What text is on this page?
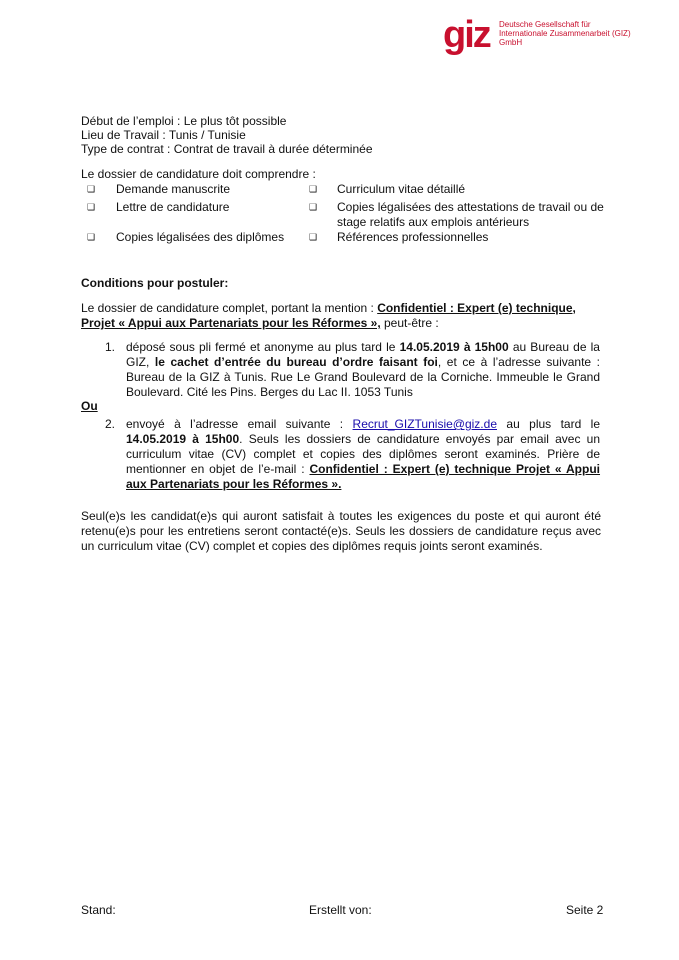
giz Deutsche Gesellschaft für Internationale Zusammenarbeit (GIZ) GmbH
Début de l’emploi : Le plus tôt possible
Lieu de Travail : Tunis / Tunisie
Type de contrat : Contrat de travail à durée déterminée
Le dossier de candidature doit comprendre :
❑ Demande manuscrite	❑ Curriculum vitae détaillé
❑ Lettre de candidature	❑ Copies légalisées des attestations de travail ou de stage relatifs aux emplois antérieurs
❑ Copies légalisées des diplômes	❑ Références professionnelles
Conditions pour postuler:
Le dossier de candidature complet, portant la mention : Confidentiel : Expert (e) technique, Projet « Appui aux Partenariats pour les Réformes », peut-être :
1. déposé sous pli fermé et anonyme au plus tard le 14.05.2019 à 15h00 au Bureau de la GIZ, le cachet d’entrée du bureau d’ordre faisant foi, et ce à l’adresse suivante : Bureau de la GIZ à Tunis. Rue Le Grand Boulevard de la Corniche. Immeuble le Grand Boulevard. Cité les Pins. Berges du Lac II. 1053 Tunis
Ou
2. envoyé à l’adresse email suivante : Recrut_GIZTunisie@giz.de au plus tard le 14.05.2019 à 15h00. Seuls les dossiers de candidature envoyés par email avec un curriculum vitae (CV) complet et copies des diplômes seront examinés. Prière de mentionner en objet de l’e-mail : Confidentiel : Expert (e) technique Projet « Appui aux Partenariats pour les Réformes ».
Seul(e)s les candidat(e)s qui auront satisfait à toutes les exigences du poste et qui auront été retenu(e)s pour les entretiens seront contacté(e)s. Seuls les dossiers de candidature reçus avec un curriculum vitae (CV) complet et copies des diplômes requis joints seront examinés.
Stand:	Erstellt von:	Seite 2
